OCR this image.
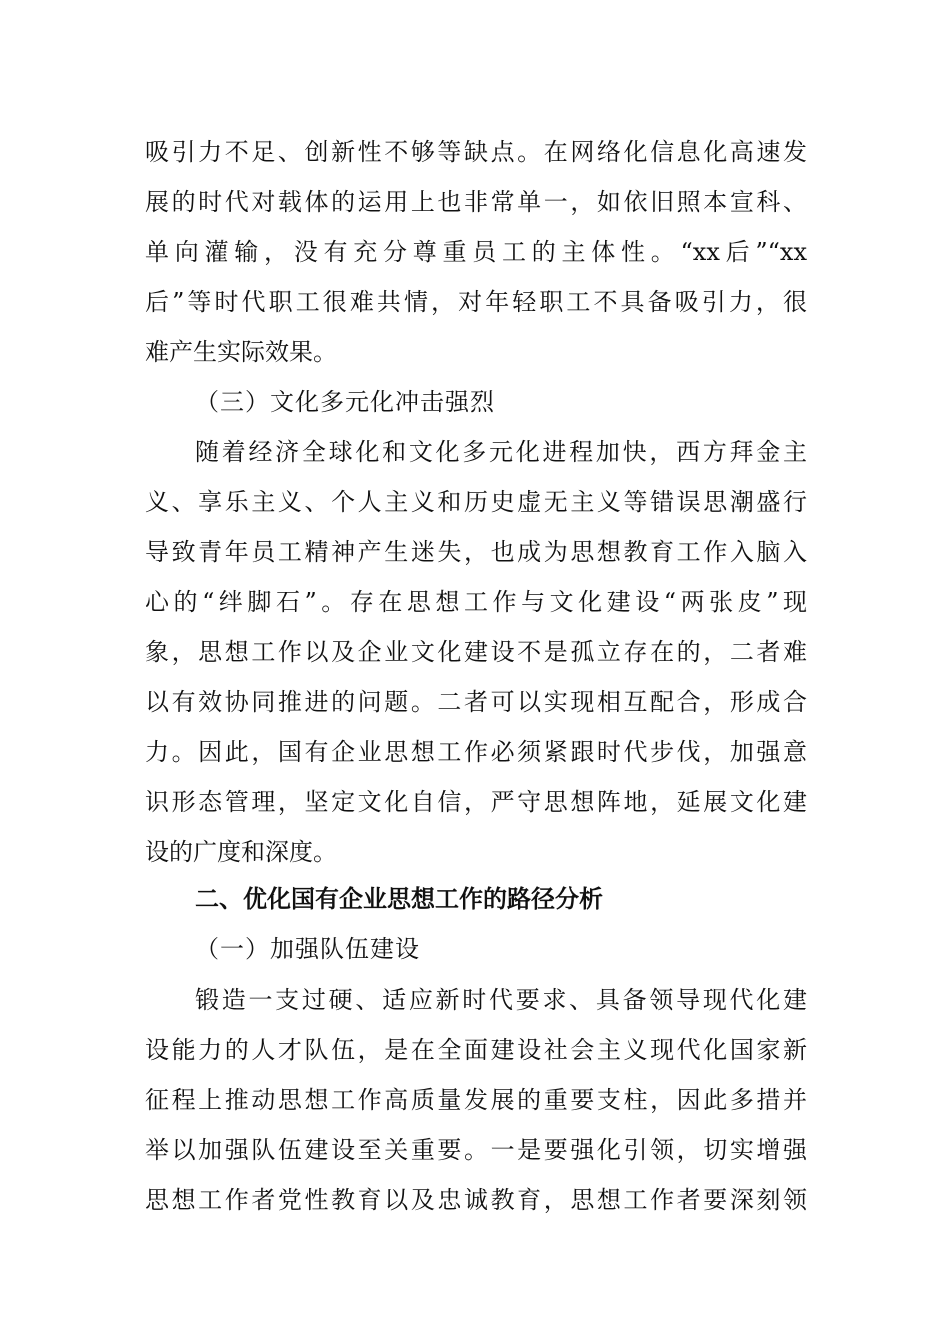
吸引力不足、创新性不够等缺点。在网络化信息化高速发
展的时代对载体的运用上也非常单一，如依旧照本宣科、
单向灌输，没有充分尊重员工的主体性。“xx后”“xx
后”等时代职工很难共情，对年轻职工不具备吸引力，很
难产生实际效果。
（三）文化多元化冲击强烈
随着经济全球化和文化多元化进程加快，西方拜金主
义、享乐主义、个人主义和历史虚无主义等错误思潮盛行
导致青年员工精神产生迷失，也成为思想教育工作入脑入
心的“绊脚石”。存在思想工作与文化建设“两张皮”现
象，思想工作以及企业文化建设不是孤立存在的，二者难
以有效协同推进的问题。二者可以实现相互配合，形成合
力。因此，国有企业思想工作必须紧跟时代步伐，加强意
识形态管理，坚定文化自信，严守思想阵地，延展文化建
设的广度和深度。
二、优化国有企业思想工作的路径分析
（一）加强队伍建设
锻造一支过硬、适应新时代要求、具备领导现代化建
设能力的人才队伍，是在全面建设社会主义现代化国家新
征程上推动思想工作高质量发展的重要支柱，因此多措并
举以加强队伍建设至关重要。一是要强化引领，切实增强
思想工作者党性教育以及忠诚教育，思想工作者要深刻领
